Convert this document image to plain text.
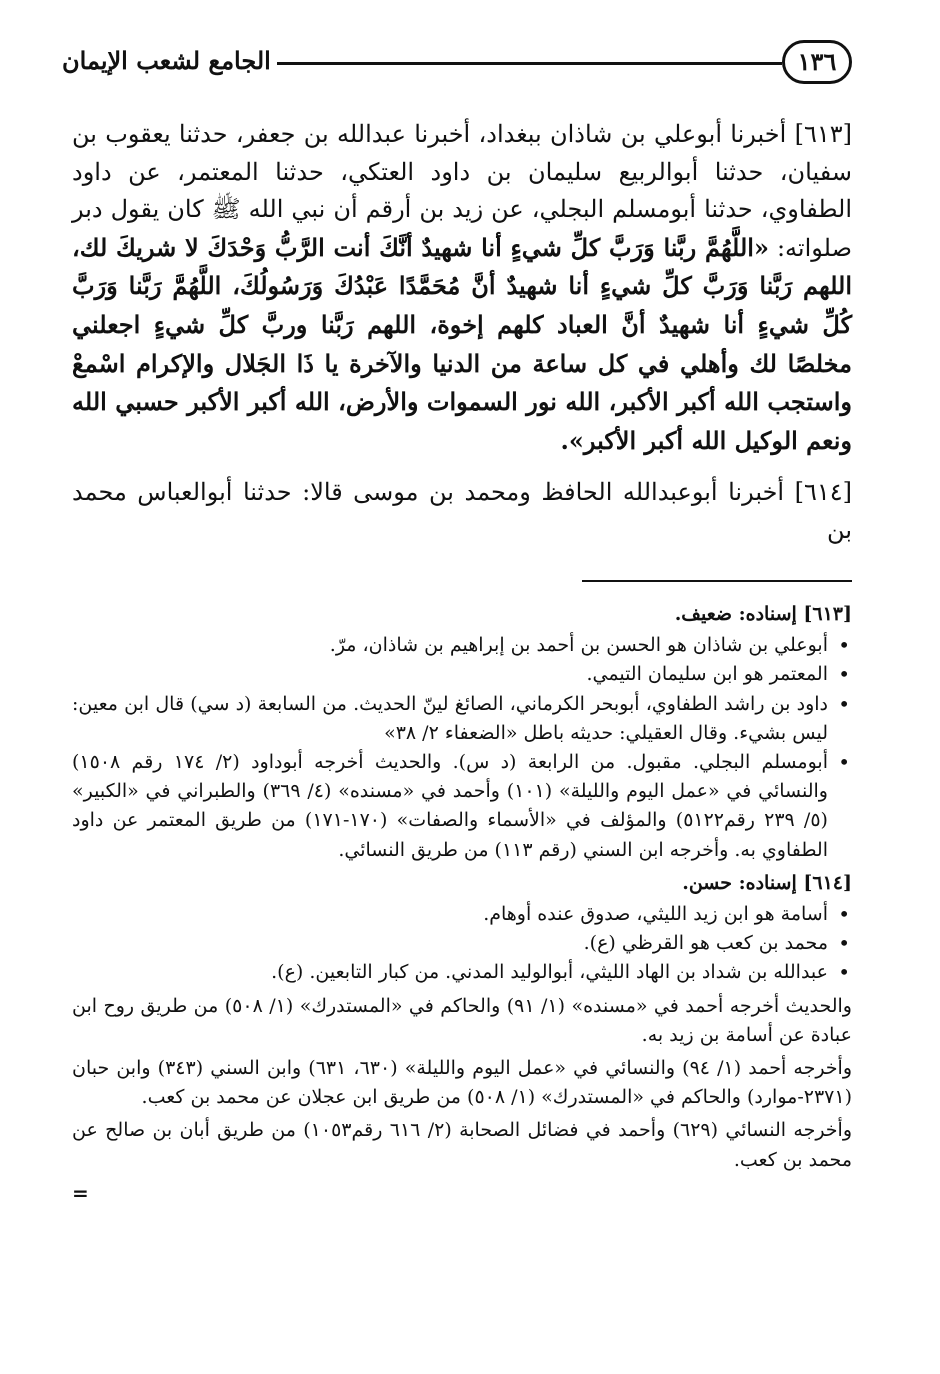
١٣٦
الجامع لشعب الإيمان

[٦١٣] أخبرنا أبوعلي بن شاذان ببغداد، أخبرنا عبدالله بن جعفر، حدثنا يعقوب بن سفيان، حدثنا أبوالربيع سليمان بن داود العتكي، حدثنا المعتمر، عن داود الطفاوي، حدثنا أبومسلم البجلي، عن زيد بن أرقم أن نبي الله ﷺ كان يقول دبر صلواته: «اللَّهُمَّ ربَّنا وَرَبَّ كلِّ شيءٍ أنا شهيدٌ أنَّكَ أنت الرَّبُّ وَحْدَكَ لا شريكَ لك، اللهم رَبَّنا وَرَبَّ كلِّ شيءٍ أنا شهيدٌ أنَّ مُحَمَّدًا عَبْدُكَ وَرَسُولُكَ، اللَّهُمَّ رَبَّنا وَرَبَّ كُلِّ شيءٍ أنا شهيدٌ أنَّ العباد كلهم إخوة، اللهم رَبَّنا وربَّ كلِّ شيءٍ اجعلني مخلصًا لك وأهلي في كل ساعة من الدنيا والآخرة يا ذَا الجَلال والإكرام اسْمعْ واستجب الله أكبر الأكبر، الله نور السموات والأرض، الله أكبر الأكبر حسبي الله ونعم الوكيل الله أكبر الأكبر».

[٦١٤] أخبرنا أبوعبدالله الحافظ ومحمد بن موسى قالا: حدثنا أبوالعباس محمد بن

[٦١٣] إسناده: ضعيف.
•
أبوعلي بن شاذان هو الحسن بن أحمد بن إبراهيم بن شاذان، مرّ.
•
المعتمر هو ابن سليمان التيمي.
•
داود بن راشد الطفاوي، أبوبحر الكرماني، الصائغ لينّ الحديث. من السابعة (د سي) قال ابن معين: ليس بشيء. وقال العقيلي: حديثه باطل «الضعفاء ٢/ ٣٨»
•
أبومسلم البجلي. مقبول. من الرابعة (د س). والحديث أخرجه أبوداود (٢/ ١٧٤ رقم ١٥٠٨) والنسائي في «عمل اليوم والليلة» (١٠١) وأحمد في «مسنده» (٤/ ٣٦٩) والطبراني في «الكبير» (٥/ ٢٣٩ رقم٥١٢٢) والمؤلف في «الأسماء والصفات» (١٧٠-١٧١) من طريق المعتمر عن داود الطفاوي به. وأخرجه ابن السني (رقم ١١٣) من طريق النسائي.
[٦١٤] إسناده: حسن.
•
أسامة هو ابن زيد الليثي، صدوق عنده أوهام.
•
محمد بن كعب هو القرظي (ع).
•
عبدالله بن شداد بن الهاد الليثي، أبوالوليد المدني. من كبار التابعين. (ع).

والحديث أخرجه أحمد في «مسنده» (١/ ٩١) والحاكم في «المستدرك» (١/ ٥٠٨) من طريق روح ابن عبادة عن أسامة بن زيد به.

وأخرجه أحمد (١/ ٩٤) والنسائي في «عمل اليوم والليلة» (٦٣٠، ٦٣١) وابن السني (٣٤٣) وابن حبان (٢٣٧١-موارد) والحاكم في «المستدرك» (١/ ٥٠٨) من طريق ابن عجلان عن محمد بن كعب.

وأخرجه النسائي (٦٢٩) وأحمد في فضائل الصحابة (٢/ ٦١٦ رقم١٠٥٣) من طريق أبان بن صالح عن محمد بن كعب.

=
